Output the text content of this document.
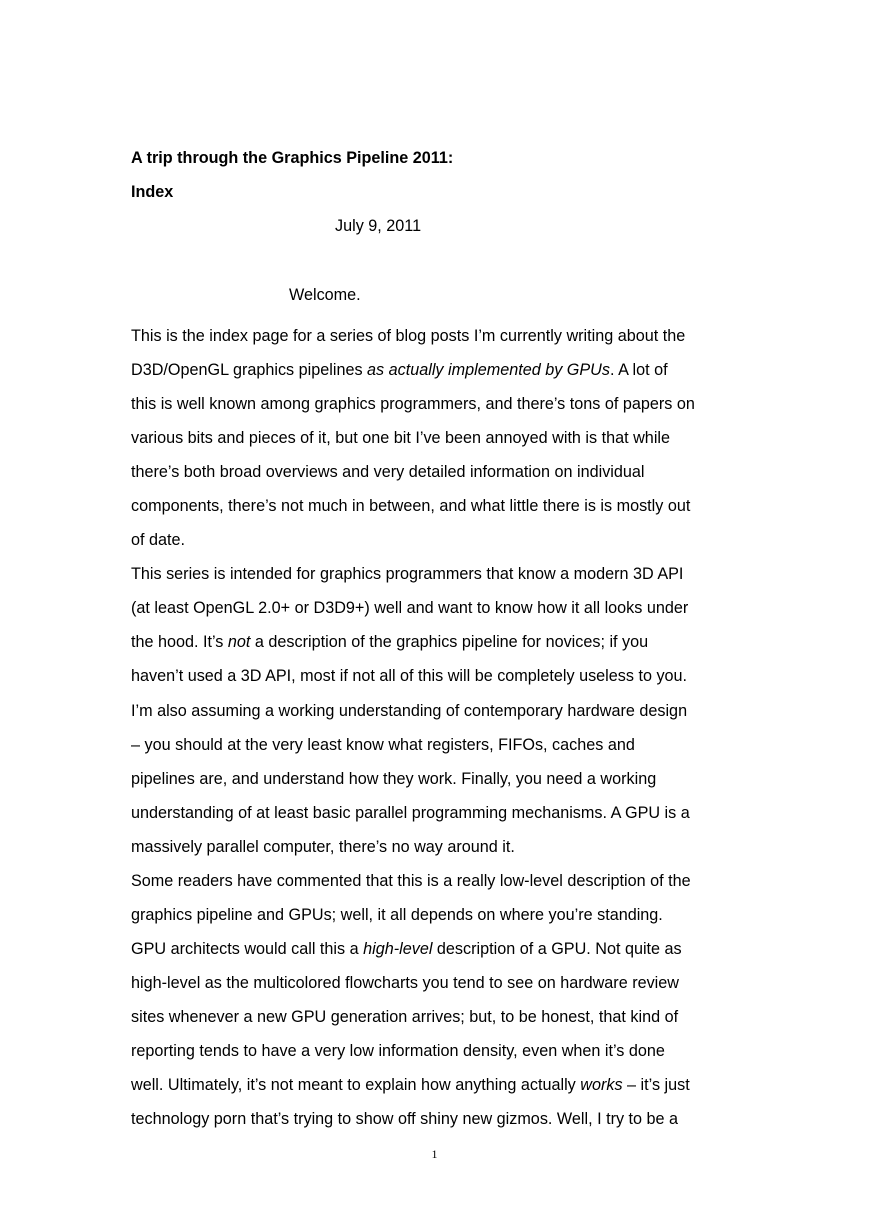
A trip through the Graphics Pipeline 2011:
Index
July 9, 2011
Welcome.
This is the index page for a series of blog posts I’m currently writing about the
D3D/OpenGL graphics pipelines as actually implemented by GPUs. A lot of
this is well known among graphics programmers, and there’s tons of papers on
various bits and pieces of it, but one bit I’ve been annoyed with is that while
there’s both broad overviews and very detailed information on individual
components, there’s not much in between, and what little there is is mostly out
of date.
This series is intended for graphics programmers that know a modern 3D API
(at least OpenGL 2.0+ or D3D9+) well and want to know how it all looks under
the hood. It’s not a description of the graphics pipeline for novices; if you
haven’t used a 3D API, most if not all of this will be completely useless to you.
I’m also assuming a working understanding of contemporary hardware design
– you should at the very least know what registers, FIFOs, caches and
pipelines are, and understand how they work. Finally, you need a working
understanding of at least basic parallel programming mechanisms. A GPU is a
massively parallel computer, there’s no way around it.
Some readers have commented that this is a really low-level description of the
graphics pipeline and GPUs; well, it all depends on where you’re standing.
GPU architects would call this a high-level description of a GPU. Not quite as
high-level as the multicolored flowcharts you tend to see on hardware review
sites whenever a new GPU generation arrives; but, to be honest, that kind of
reporting tends to have a very low information density, even when it’s done
well. Ultimately, it’s not meant to explain how anything actually works – it’s just
technology porn that’s trying to show off shiny new gizmos. Well, I try to be a
1
